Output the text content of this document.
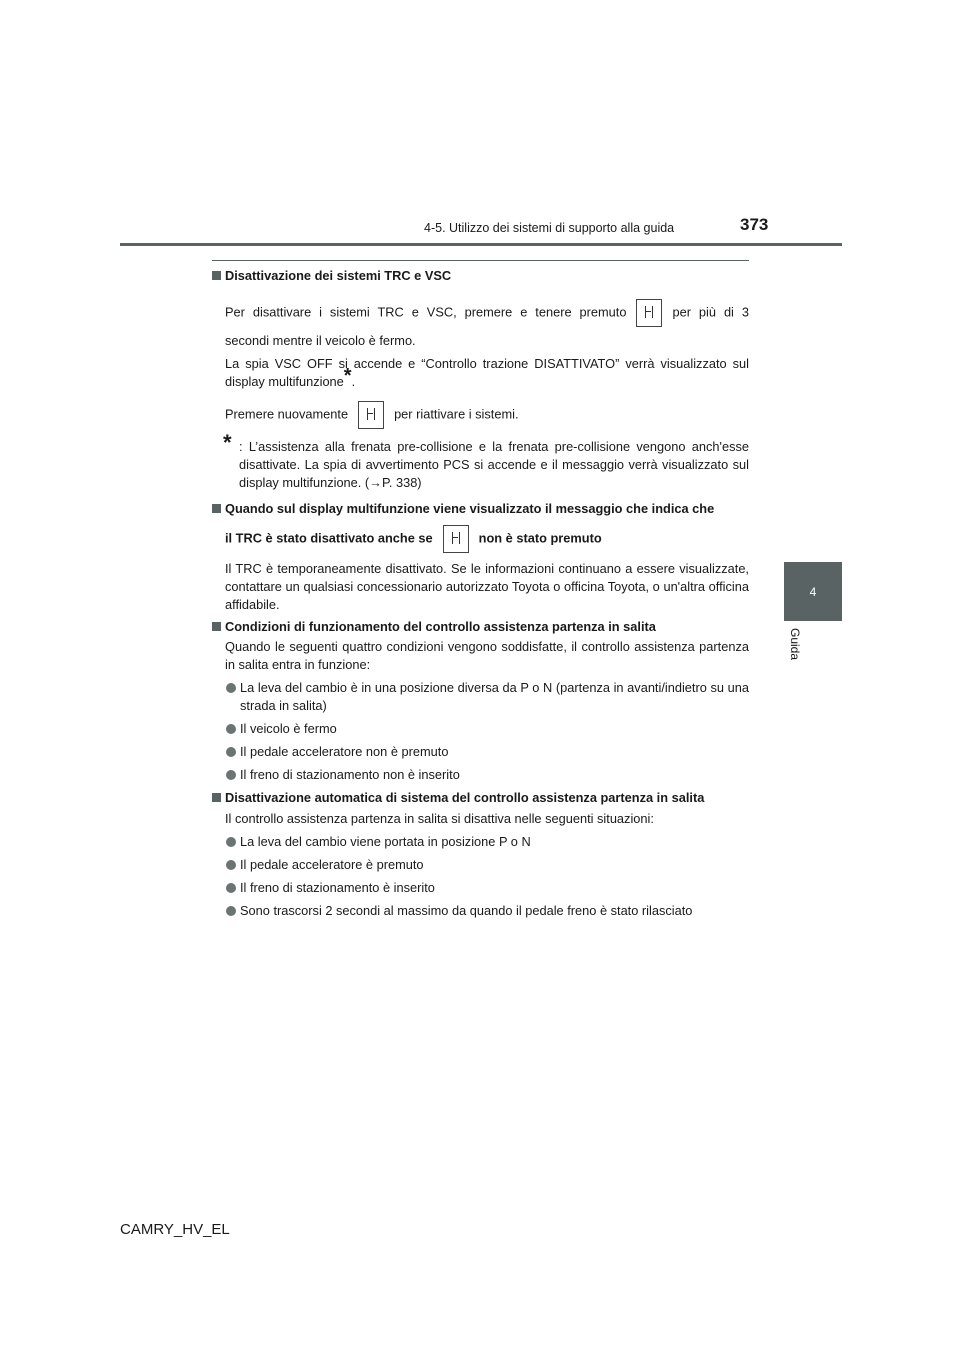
4-5. Utilizzo dei sistemi di supporto alla guida	373
4
Guida
Disattivazione dei sistemi TRC e VSC
Per disattivare i sistemi TRC e VSC, premere e tenere premuto	per più di 3
secondi mentre il veicolo è fermo.
La spia VSC OFF si accende e “Controllo trazione DISATTIVATO” verrà visualizzato sul display multifunzione*.
Premere nuovamente	per riattivare i sistemi.
* : L’assistenza alla frenata pre-collisione e la frenata pre-collisione vengono anch'esse disattivate. La spia di avvertimento PCS si accende e il messaggio verrà visualizzato sul display multifunzione. (→P. 338)
Quando sul display multifunzione viene visualizzato il messaggio che indica che
il TRC è stato disattivato anche se	non è stato premuto
Il TRC è temporaneamente disattivato. Se le informazioni continuano a essere visualizzate, contattare un qualsiasi concessionario autorizzato Toyota o officina Toyota, o un'altra officina affidabile.
Condizioni di funzionamento del controllo assistenza partenza in salita
Quando le seguenti quattro condizioni vengono soddisfatte, il controllo assistenza partenza in salita entra in funzione:
La leva del cambio è in una posizione diversa da P o N (partenza in avanti/indietro su una strada in salita)
Il veicolo è fermo
Il pedale acceleratore non è premuto
Il freno di stazionamento non è inserito
Disattivazione automatica di sistema del controllo assistenza partenza in salita
Il controllo assistenza partenza in salita si disattiva nelle seguenti situazioni:
La leva del cambio viene portata in posizione P o N
Il pedale acceleratore è premuto
Il freno di stazionamento è inserito
Sono trascorsi 2 secondi al massimo da quando il pedale freno è stato rilasciato
CAMRY_HV_EL
